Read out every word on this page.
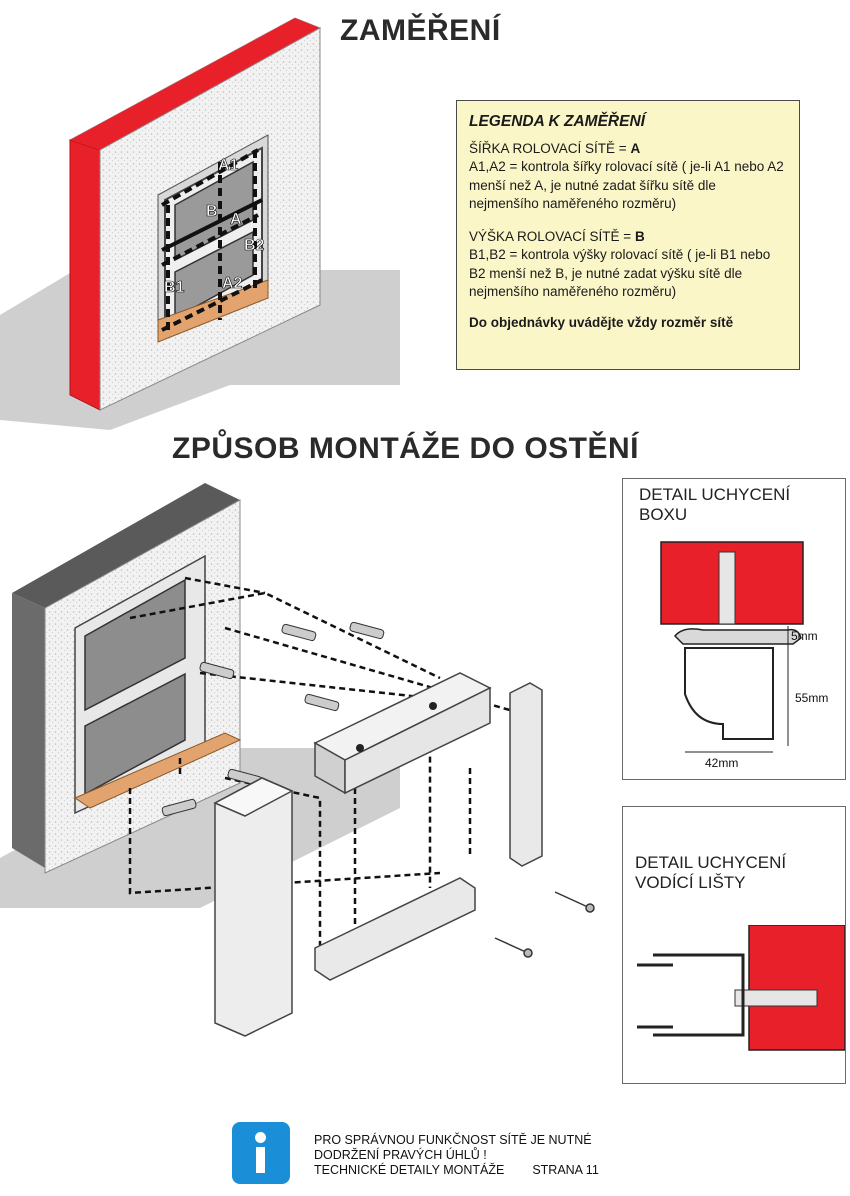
ZAMĚŘENÍ
A1
A
A2
B
B2
B1
LEGENDA K ZAMĚŘENÍ

ŠÍŘKA ROLOVACÍ SÍTĚ = A

A1,A2 = kontrola šířky rolovací sítě ( je-li A1 nebo A2 menší než A, je nutné zadat šířku sítě dle nejmenšího naměřeného rozměru)

VÝŠKA ROLOVACÍ SÍTĚ = B

B1,B2 = kontrola výšky rolovací sítě ( je-li B1 nebo B2 menší než B, je nutné zadat výšku sítě dle nejmenšího naměřeného rozměru)

Do objednávky uvádějte vždy rozměr sítě

ZPŮSOB MONTÁŽE DO OSTĚNÍ
DETAIL UCHYCENÍ
BOXU
5mm
55mm
42mm
DETAIL UCHYCENÍ
VODÍCÍ LIŠTY
PRO SPRÁVNOU FUNKČNOST SÍTĚ JE NUTNÉ
DODRŽENÍ PRAVÝCH ÚHLŮ !
TECHNICKÉ DETAILY MONTÁŽE STRANA 11
